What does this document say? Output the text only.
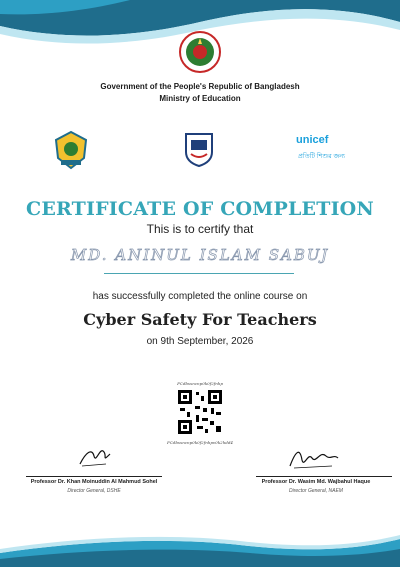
Government of the People's Republic of Bangladesh
Ministry of Education
unicef
প্রতিটি শিশুর জন্য
CERTIFICATE OF COMPLETION
This is to certify that
MD. ANINUL ISLAM SABUJ
has successfully completed the online course on
Cyber Safety For Teachers
on 9th September, 2026
PCdbsxncnp0k0f2fnhp
PCdbsxncnp0k0f2fnhpv0k2hdd4
Professor Dr. Khan Moinuddin Al Mahmud Sohel
Director General, DSHE
Professor Dr. Wasim Md. Wajbahul Haque
Director General, NAEM
